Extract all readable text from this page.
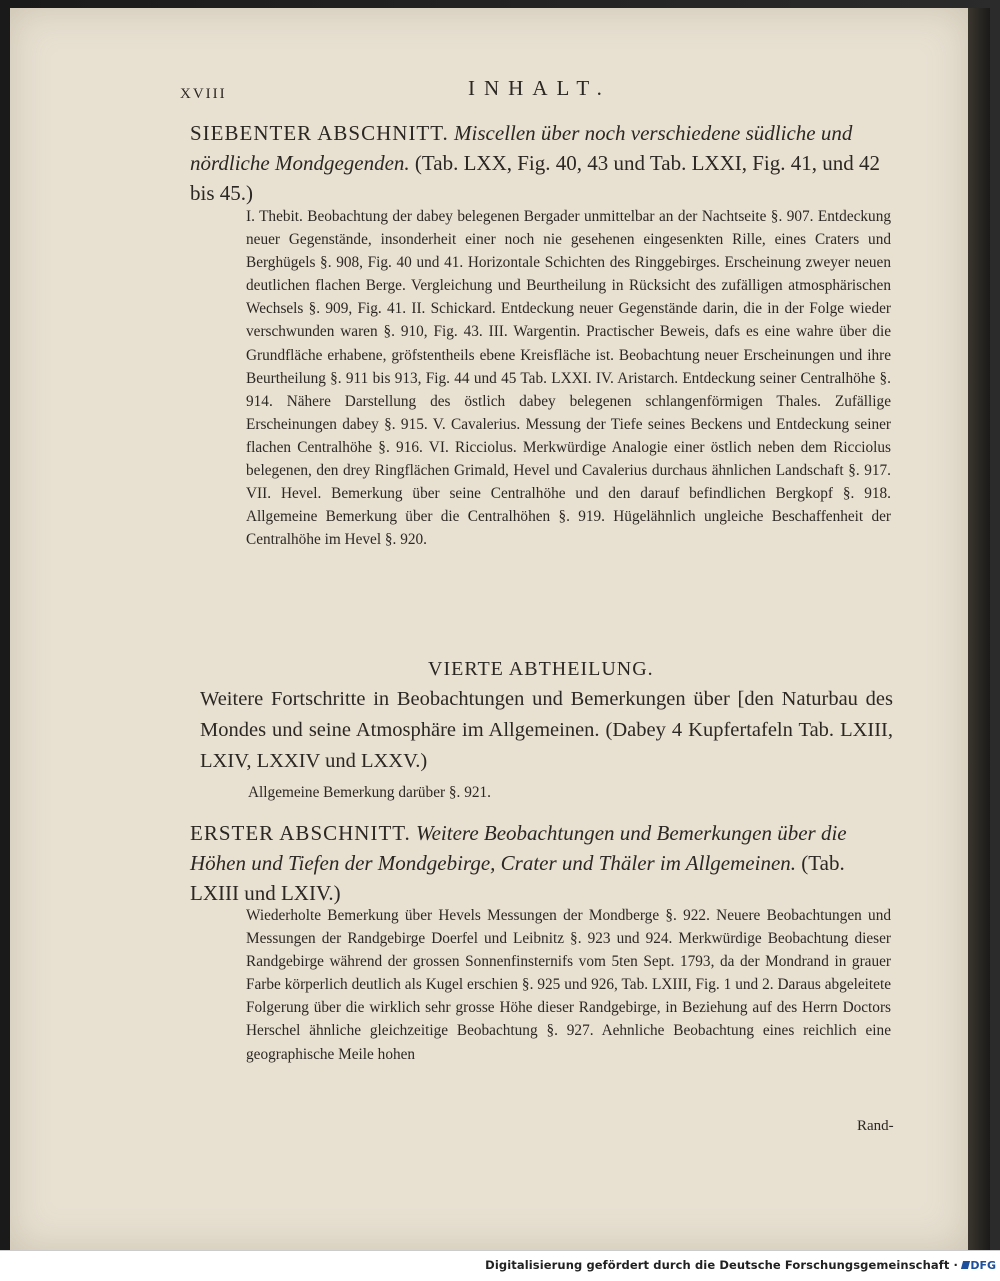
XVIII	INHALT.
SIEBENTER ABSCHNITT. Miscellen über noch verschiedene südliche und nördliche Mondgegenden. (Tab. LXX, Fig. 40, 43 und Tab. LXXI, Fig. 41, und 42 bis 45.)

I. Thebit. Beobachtung der dabey belegenen Bergader unmittelbar an der Nachtseite §. 907. Entdeckung neuer Gegenstände, insonderheit einer noch nie gesehenen eingesenkten Rille, eines Craters und Berghügels §. 908, Fig. 40 und 41. Horizontale Schichten des Ringgebirges. Erscheinung zweyer neuen deutlichen flachen Berge. Vergleichung und Beurtheilung in Rücksicht des zufälligen atmosphärischen Wechsels §. 909, Fig. 41. II. Schickard. Entdeckung neuer Gegenstände darin, die in der Folge wieder verschwunden waren §. 910, Fig. 43. III. Wargentin. Practischer Beweis, dafs es eine wahre über die Grundfläche erhabene, gröfstentheils ebene Kreisfläche ist. Beobachtung neuer Erscheinungen und ihre Beurtheilung §. 911 bis 913, Fig. 44 und 45 Tab. LXXI. IV. Aristarch. Entdeckung seiner Centralhöhe §. 914. Nähere Darstellung des östlich dabey belegenen schlangenförmigen Thales. Zufällige Erscheinungen dabey §. 915. V. Cavalerius. Messung der Tiefe seines Beckens und Entdeckung seiner flachen Centralhöhe §. 916. VI. Ricciolus. Merkwürdige Analogie einer östlich neben dem Ricciolus belegenen, den drey Ringflächen Grimald, Hevel und Cavalerius durchaus ähnlichen Landschaft §. 917. VII. Hevel. Bemerkung über seine Centralhöhe und den darauf befindlichen Bergkopf §. 918. Allgemeine Bemerkung über die Centralhöhen §. 919. Hügelähnlich ungleiche Beschaffenheit der Centralhöhe im Hevel §. 920.

VIERTE ABTHEILUNG.
Weitere Fortschritte in Beobachtungen und Bemerkungen über [den Naturbau des Mondes und seine Atmosphäre im Allgemeinen. (Dabey 4 Kupfertafeln Tab. LXIII, LXIV, LXXIV und LXXV.)
Allgemeine Bemerkung darüber §. 921.
ERSTER ABSCHNITT. Weitere Beobachtungen und Bemerkungen über die Höhen und Tiefen der Mondgebirge, Crater und Thäler im Allgemeinen. (Tab. LXIII und LXIV.)

Wiederholte Bemerkung über Hevels Messungen der Mondberge §. 922. Neuere Beobachtungen und Messungen der Randgebirge Doerfel und Leibnitz §. 923 und 924. Merkwürdige Beobachtung dieser Randgebirge während der grossen Sonnenfinsternifs vom 5ten Sept. 1793, da der Mondrand in grauer Farbe körperlich deutlich als Kugel erschien §. 925 und 926, Tab. LXIII, Fig. 1 und 2. Daraus abgeleitete Folgerung über die wirklich sehr grosse Höhe dieser Randgebirge, in Beziehung auf des Herrn Doctors Herschel ähnliche gleichzeitige Beobachtung §. 927. Aehnliche Beobachtung eines reichlich eine geographische Meile hohen

Rand-
Digitalisierung gefördert durch die Deutsche Forschungsgemeinschaft · DFG
